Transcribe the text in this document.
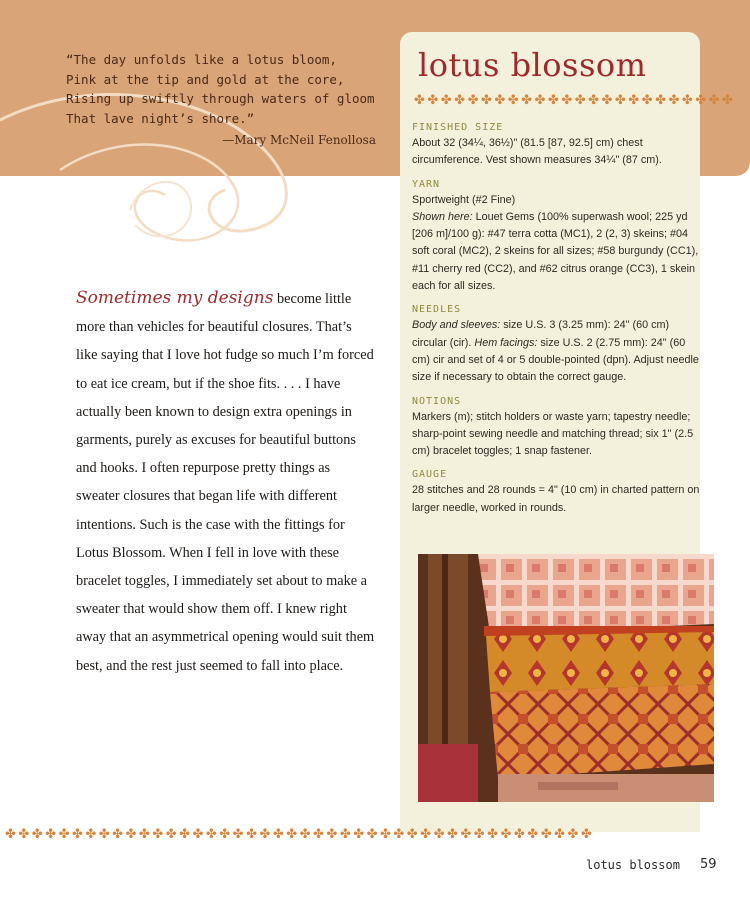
“The day unfolds like a lotus bloom,
Pink at the tip and gold at the core,
Rising up swiftly through waters of gloom
That lave night’s shore.”
—Mary McNeil Fenollosa
lotus blossom
✤✤✤✤✤✤✤✤✤✤✤✤✤✤✤✤✤✤✤✤✤✤✤✤
FINISHED SIZE

About 32 (34¼, 36½)" (81.5 [87, 92.5] cm) chest circumference. Vest shown measures 34¼" (87 cm).

YARN

Sportweight (#2 Fine)

Shown here: Louet Gems (100% superwash wool; 225 yd [206 m]/100 g): #47 terra cotta (MC1), 2 (2, 3) skeins; #04 soft coral (MC2), 2 skeins for all sizes; #58 burgundy (CC1), #11 cherry red (CC2), and #62 citrus orange (CC3), 1 skein each for all sizes.

NEEDLES

Body and sleeves: size U.S. 3 (3.25 mm): 24" (60 cm) circular (cir). Hem facings: size U.S. 2 (2.75 mm): 24" (60 cm) cir and set of 4 or 5 double-pointed (dpn). Adjust needle size if necessary to obtain the correct gauge.

NOTIONS

Markers (m); stitch holders or waste yarn; tapestry needle; sharp-point sewing needle and matching thread; six 1" (2.5 cm) bracelet toggles; 1 snap fastener.

GAUGE

28 stitches and 28 rounds = 4" (10 cm) in charted pattern on larger needle, worked in rounds.

Sometimes my designs become little more than vehicles for beautiful closures. That’s like saying that I love hot fudge so much I’m forced to eat ice cream, but if the shoe fits. . . . I have actually been known to design extra openings in garments, purely as excuses for beautiful buttons and hooks. I often repurpose pretty things as sweater closures that began life with different intentions. Such is the case with the fittings for Lotus Blossom. When I fell in love with these bracelet toggles, I immediately set about to make a sweater that would show them off. I knew right away that an asymmetrical opening would suit them best, and the rest just seemed to fall into place.
✤✤✤✤✤✤✤✤✤✤✤✤✤✤✤✤✤✤✤✤✤✤✤✤✤✤✤✤✤✤✤✤✤✤✤✤✤✤✤✤✤✤✤✤
lotus blossom 59
